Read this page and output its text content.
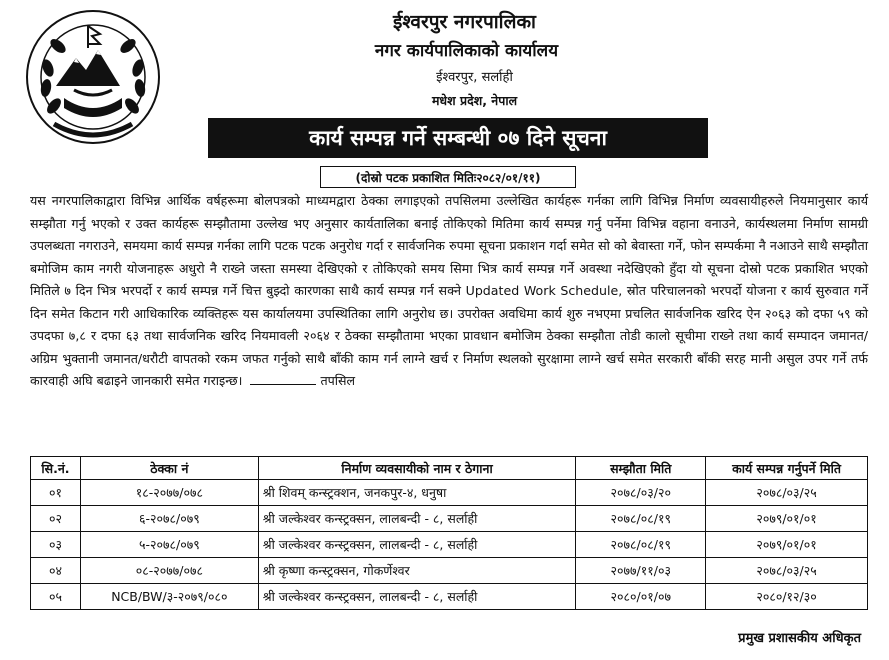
ईश्वरपुर नगरपालिका
नगर कार्यपालिकाको कार्यालय
ईश्वरपुर, सर्लाही
मधेश प्रदेश, नेपाल
कार्य सम्पन्न गर्ने सम्बन्धी ०७ दिने सूचना
(दोस्रो पटक प्रकाशित मितिः२०८२/०१/११)
यस नगरपालिकाद्वारा विभिन्न आर्थिक वर्षहरूमा बोलपत्रको माध्यमद्वारा ठेक्का लगाइएको तपसिलमा उल्लेखित कार्यहरू गर्नका लागि विभिन्न निर्माण व्यवसायीहरुले नियमानुसार कार्य सम्झौता गर्नु भएको र उक्त कार्यहरू सम्झौतामा उल्लेख भए अनुसार कार्यतालिका बनाई तोकिएको मितिमा कार्य सम्पन्न गर्नु पर्नेमा विभिन्न वहाना वनाउने, कार्यस्थलमा निर्माण सामग्री उपलब्धता नगराउने, समयमा कार्य सम्पन्न गर्नका लागि पटक पटक अनुरोध गर्दा र सार्वजनिक रुपमा सूचना प्रकाशन गर्दा समेत सो को बेवास्ता गर्ने, फोन सम्पर्कमा नै नआउने साथै सम्झौता बमोजिम काम नगरी योजनाहरू अधुरो नै राख्ने जस्ता समस्या देखिएको र तोकिएको समय सिमा भित्र कार्य सम्पन्न गर्ने अवस्था नदेखिएको हुँदा यो सूचना दोस्रो पटक प्रकाशित भएको मितिले ७ दिन भित्र भरपर्दो र कार्य सम्पन्न गर्ने चित्त बुझ्दो कारणका साथै कार्य सम्पन्न गर्न सक्ने Updated Work Schedule, स्रोत परिचालनको भरपर्दो योजना र कार्य सुरुवात गर्ने दिन समेत किटान गरी आधिकारिक व्यक्तिहरू यस कार्यालयमा उपस्थितिका लागि अनुरोध छ। उपरोक्त अवधिमा कार्य शुरु नभएमा प्रचलित सार्वजनिक खरिद ऐन २०६३ को दफा ५९ को उपदफा ७,८ र दफा ६३ तथा सार्वजनिक खरिद नियमावली २०६४ र ठेक्का सम्झौतामा भएका प्रावधान बमोजिम ठेक्का सम्झौता तोडी कालो सूचीमा राख्ने तथा कार्य सम्पादन जमानत/अग्रिम भुक्तानी जमानत/धरौटी वापतको रकम जफत गर्नुको साथै बाँकी काम गर्न लाग्ने खर्च र निर्माण स्थलको सुरक्षामा लाग्ने खर्च समेत सरकारी बाँकी सरह मानी असुल उपर गर्ने तर्फ कारवाही अघि बढाइने जानकारी समेत गराइन्छ।	तपसिल
सि.नं.	ठेक्का नं	निर्माण व्यवसायीको नाम र ठेगाना	सम्झौता मिति	कार्य सम्पन्न गर्नुपर्ने मिति
०१	१८-२०७७/०७८	श्री शिवम् कन्स्ट्रक्शन, जनकपुर-४, धनुषा	२०७८/०३/२०	२०७८/०३/२५
०२	६-२०७८/०७९	श्री जल्केश्वर कन्स्ट्रक्सन, लालबन्दी - ८, सर्लाही	२०७८/०८/१९	२०७९/०१/०१
०३	५-२०७८/०७९	श्री जल्केश्वर कन्स्ट्रक्सन, लालबन्दी - ८, सर्लाही	२०७८/०८/१९	२०७९/०१/०१
०४	०८-२०७७/०७८	श्री कृष्णा कन्स्ट्रक्सन, गोकर्णेश्वर	२०७७/११/०३	२०७८/०३/२५
०५	NCB/BW/३-२०७९/०८०	श्री जल्केश्वर कन्स्ट्रक्सन, लालबन्दी - ८, सर्लाही	२०८०/०१/०७	२०८०/१२/३०
प्रमुख प्रशासकीय अधिकृत
